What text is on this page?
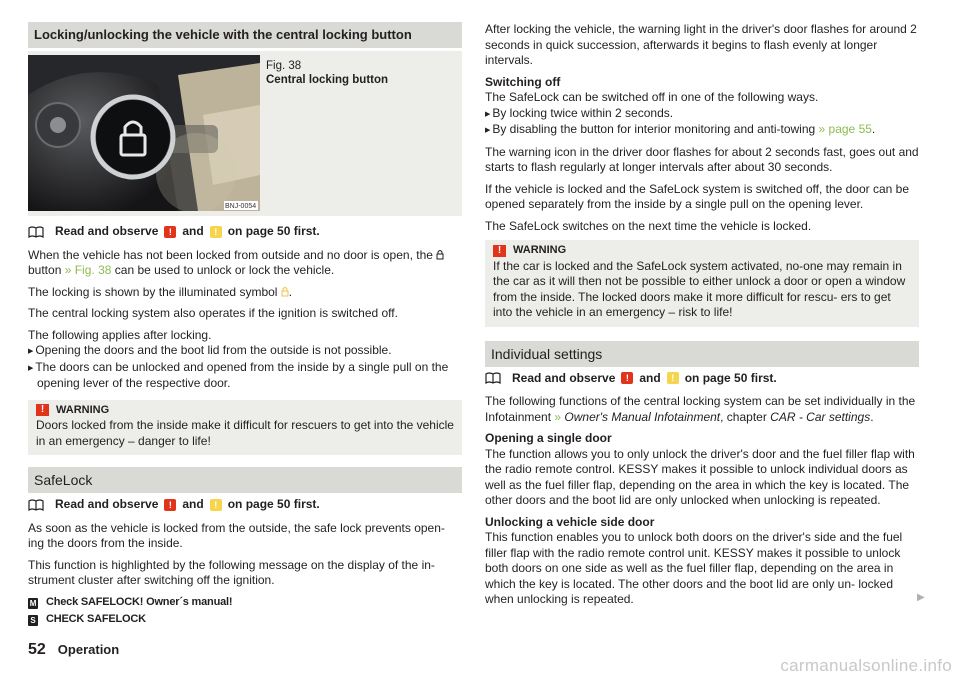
Locking/unlocking the vehicle with the central locking button
BNJ-0054
Fig. 38
Central locking button
Read and observe	! and	! on page 50 first.

When the vehicle has not been locked from outside and no door is open, the  button » Fig. 38 can be used to unlock or lock the vehicle.

The locking is shown by the illuminated symbol .

The central locking system also operates if the ignition is switched off.

The following applies after locking.

▶ Opening the doors and the boot lid from the outside is not possible.

▶ The doors can be unlocked and opened from the inside by a single pull on the opening lever of the respective door.

!	WARNING
Doors locked from the inside make it difficult for rescuers to get into the vehicle in an emergency – danger to life!
SafeLock
Read and observe	! and	! on page 50 first.

As soon as the vehicle is locked from the outside, the safe lock prevents open- ing the doors from the inside.

This function is highlighted by the following message on the display of the in- strument cluster after switching off the ignition.

M Check SAFELOCK! Owner´s manual!
S CHECK SAFELOCK

After locking the vehicle, the warning light in the driver's door flashes for around 2 seconds in quick succession, afterwards it begins to flash evenly at longer intervals.

Switching off

The SafeLock can be switched off in one of the following ways.

▶ By locking twice within 2 seconds.

▶ By disabling the button for interior monitoring and anti-towing » page 55.

The warning icon in the driver door flashes for about 2 seconds fast, goes out and starts to flash regularly at longer intervals after about 30 seconds.

If the vehicle is locked and the SafeLock system is switched off, the door can be opened separately from the inside by a single pull on the opening lever.

The SafeLock switches on the next time the vehicle is locked.

!	WARNING
If the car is locked and the SafeLock system activated, no-one may remain in the car as it will then not be possible to either unlock a door or open a window from the inside. The locked doors make it more difficult for rescu- ers to get into the vehicle in an emergency – risk to life!
Individual settings
Read and observe	! and	! on page 50 first.

The following functions of the central locking system can be set individually in the Infotainment » Owner's Manual Infotainment, chapter CAR - Car settings.

Opening a single door

The function allows you to only unlock the driver's door and the fuel filler flap with the radio remote control. KESSY makes it possible to unlock individual doors as well as the fuel filler flap, depending on the area in which the key is located. The other doors and the boot lid are only unlocked when unlocking is repeated.

Unlocking a vehicle side door

This function enables you to unlock both doors on the driver's side and the fuel filler flap with the radio remote control unit. KESSY makes it possible to unlock both doors on one side as well as the fuel filler flap, depending on the area in which the key is located. The other doors and the boot lid are only un- locked when unlocking is repeated.	▶
52 Operation
carmanualsonline.info
